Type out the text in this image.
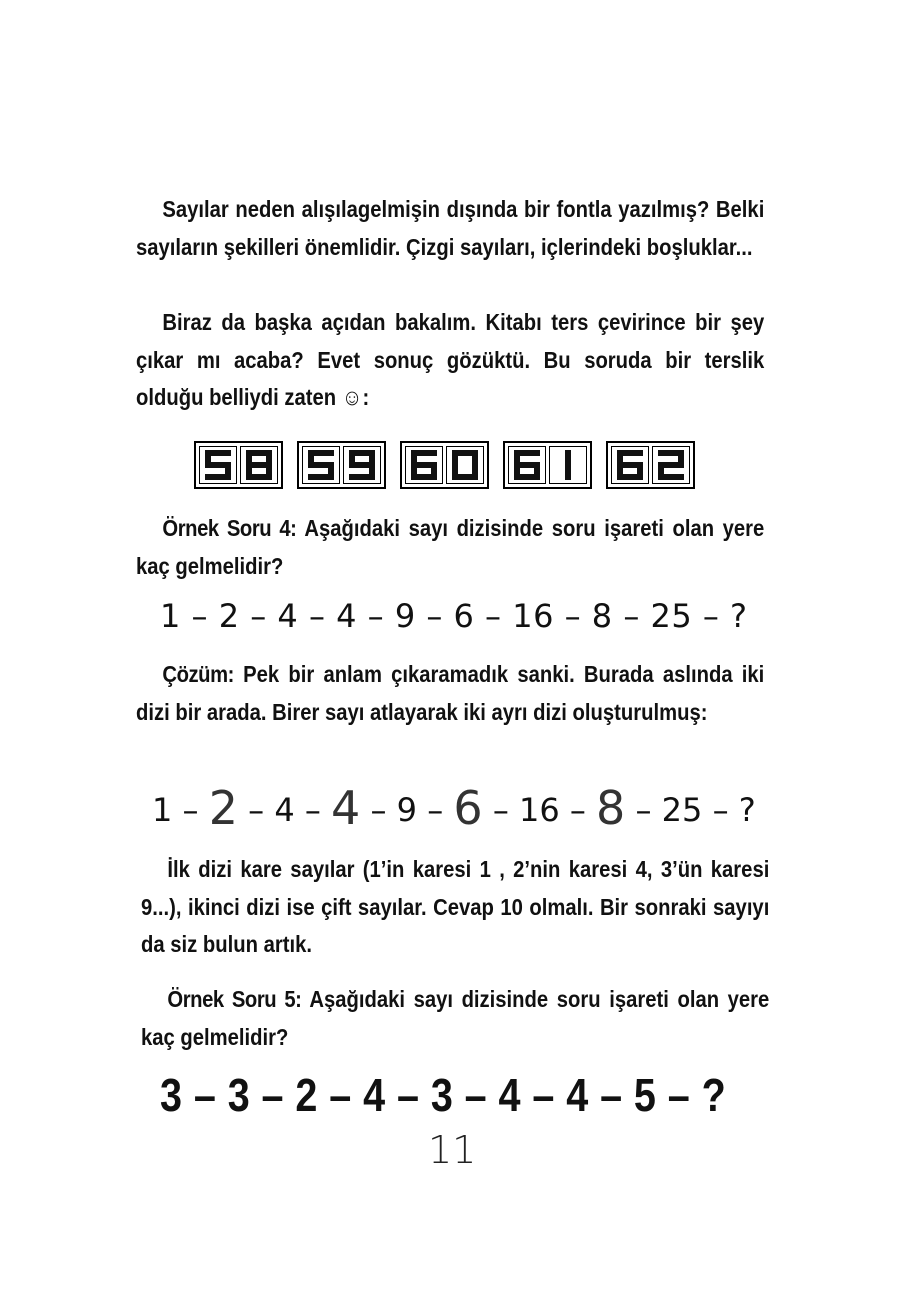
Sayılar neden alışılagelmişin dışında bir fontla yazılmış? Belki sayıların şekilleri önemlidir. Çizgi sayıları, içlerindeki boşluklar...
Biraz da başka açıdan bakalım. Kitabı ters çevirince bir şey çıkar mı acaba? Evet sonuç gözüktü. Bu soruda bir terslik olduğu belliydi zaten ☺:
Örnek Soru 4: Aşağıdaki sayı dizisinde soru işareti olan yere kaç gelmelidir?
1 – 2 – 4 – 4 – 9 – 6 – 16 – 8 – 25 – ?
Çözüm: Pek bir anlam çıkaramadık sanki. Burada aslında iki dizi bir arada. Birer sayı atlayarak iki ayrı dizi oluşturulmuş:
1 – 2 – 4 – 4 – 9 – 6 – 16 – 8 – 25 – ?
İlk dizi kare sayılar (1’in karesi 1 , 2’nin karesi 4, 3’ün karesi 9...), ikinci dizi ise çift sayılar. Cevap 10 olmalı. Bir sonraki sayıyı da siz bulun artık.
Örnek Soru 5: Aşağıdaki sayı dizisinde soru işareti olan yere kaç gelmelidir?
3 – 3 – 2 – 4 – 3 – 4 – 4 – 5 – ?
11
